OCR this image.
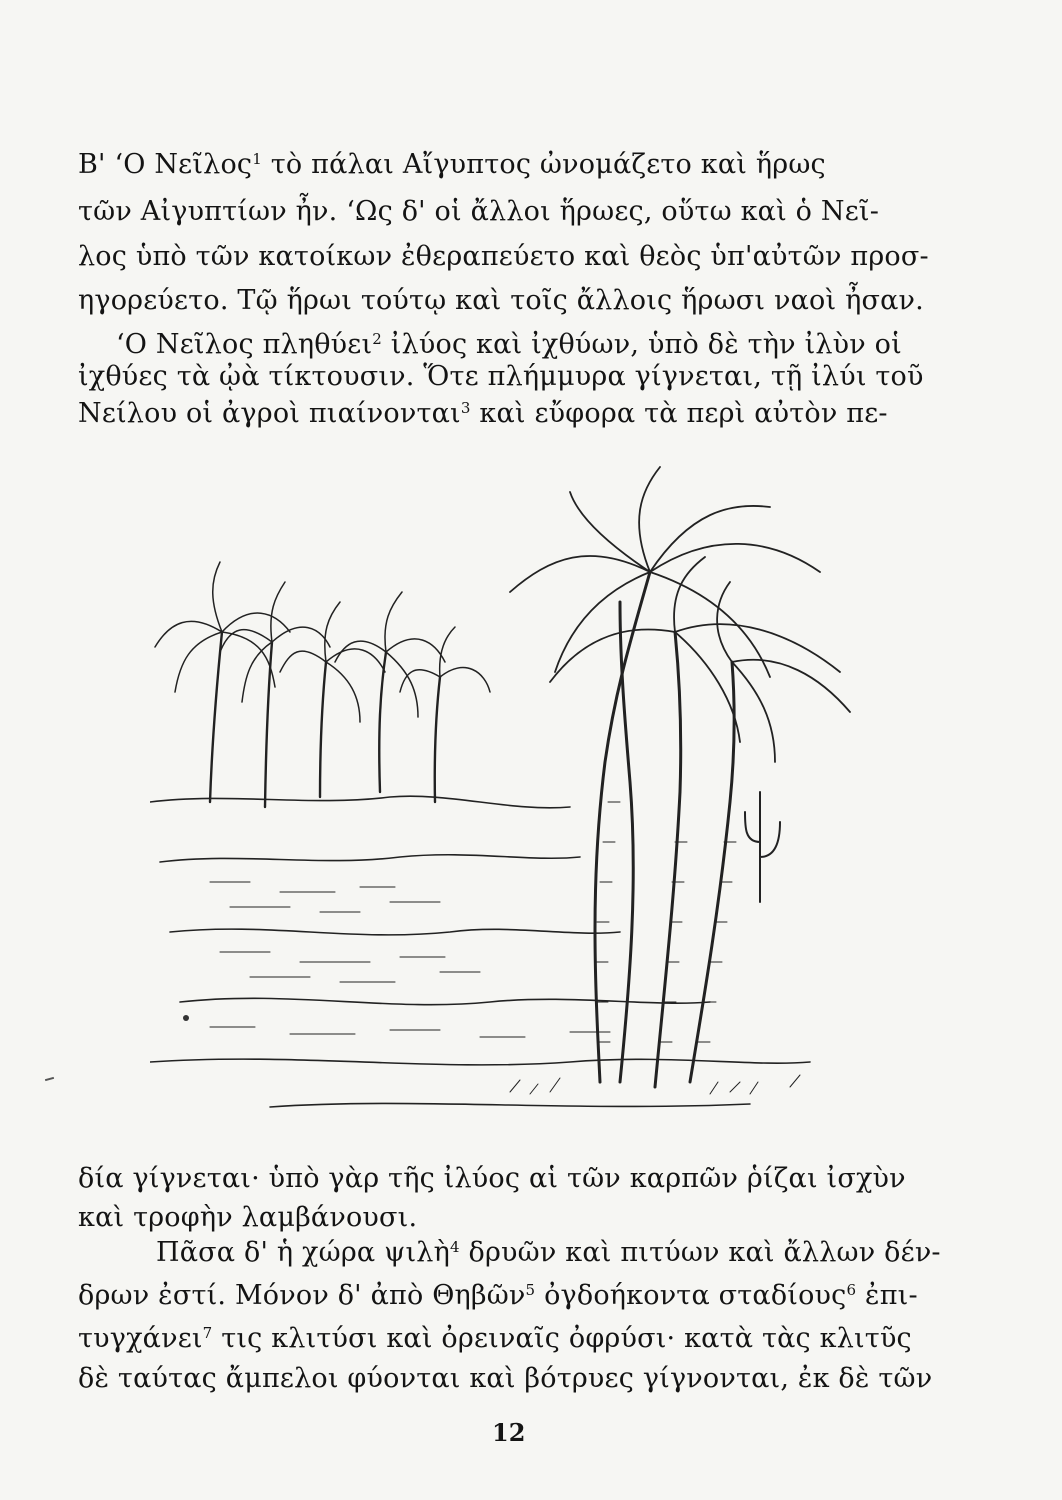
Β' ‘Ο Νεῖλος$^1$ τὸ πάλαι Αἴγυπτος ὠνομάζετο καὶ ἥρως
τῶν Αἰγυπτίων ἦν. ‘Ως δ' οἱ ἄλλοι ἥρωες, οὕτω καὶ ὁ Νεῖ-
λος ὑπὸ τῶν κατοίκων ἐθεραπεύετο καὶ θεὸς ὑπ'αὐτῶν προσ-
ηγορεύετο. Τῷ ἥρωι τούτῳ καὶ τοῖς ἄλλοις ἥρωσι ναοὶ ἦσαν.
‘Ο Νεῖλος πληθύει$^2$ ἰλύος καὶ ἰχθύων, ὑπὸ δὲ τὴν ἰλὺν οἱ
ἰχθύες τὰ ᾠὰ τίκτουσιν. Ὅτε πλήμμυρα γίγνεται, τῇ ἰλύι τοῦ
Νείλου οἱ ἀγροὶ πιαίνονται$^3$ καὶ εὔφορα τὰ περὶ αὐτὸν πε-
δία γίγνεται· ὑπὸ γὰρ τῆς ἰλύος αἱ τῶν καρπῶν ῥίζαι ἰσχὺν
καὶ τροφὴν λαμβάνουσι.
Πᾶσα δ' ἡ χώρα ψιλὴ$^4$ δρυῶν καὶ πιτύων καὶ ἄλλων δέν-
δρων ἐστί. Μόνον δ' ἀπὸ Θηβῶν$^5$ ὀγδοήκοντα σταδίους$^6$ ἐπι-
τυγχάνει$^7$ τις κλιτύσι καὶ ὀρειναῖς ὀφρύσι· κατὰ τὰς κλιτῦς
δὲ ταύτας ἄμπελοι φύονται καὶ βότρυες γίγνονται, ἐκ δὲ τῶν
12
